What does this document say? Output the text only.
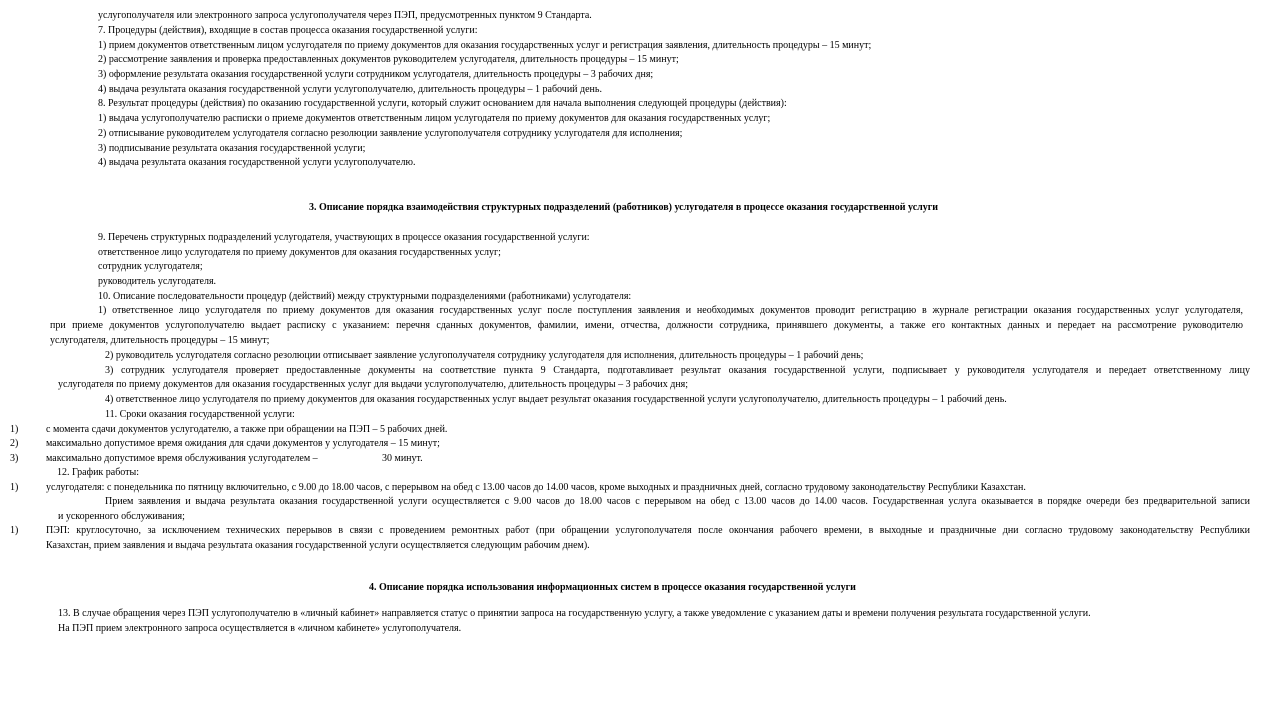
услугополучателя или электронного запроса услугополучателя через ПЭП, предусмотренных пунктом 9 Стандарта.
7. Процедуры (действия), входящие в состав процесса оказания государственной услуги:
1) прием документов ответственным лицом услугодателя по приему документов для оказания государственных услуг и регистрация заявления, длительность процедуры – 15 минут;
2) рассмотрение заявления и проверка предоставленных документов руководителем услугодателя, длительность процедуры – 15 минут;
3) оформление результата оказания государственной услуги сотрудником услугодателя, длительность процедуры – 3 рабочих дня;
4) выдача результата оказания государственной услуги услугополучателю, длительность процедуры – 1 рабочий день.
8. Результат процедуры (действия) по оказанию государственной услуги, который служит основанием для начала выполнения следующей процедуры (действия):
1) выдача услугополучателю расписки о приеме документов ответственным лицом услугодателя по приему документов для оказания государственных услуг;
2) отписывание руководителем услугодателя согласно резолюции заявление услугополучателя сотруднику услугодателя для исполнения;
3) подписывание результата оказания государственной услуги;
4) выдача результата оказания государственной услуги услугополучателю.
3. Описание порядка взаимодействия структурных подразделений (работников) услугодателя в процессе оказания государственной услуги
9. Перечень структурных подразделений услугодателя, участвующих в процессе оказания государственной услуги:
ответственное лицо услугодателя по приему документов для оказания государственных услуг;
сотрудник услугодателя;
руководитель услугодателя.
10. Описание последовательности процедур (действий) между структурными подразделениями (работниками) услугодателя:
1) ответственное лицо услугодателя по приему документов для оказания государственных услуг после поступления заявления и необходимых документов проводит регистрацию в журнале регистрации оказания государственных услуг услугодателя,
при приеме документов услугополучателю выдает расписку с указанием: перечня сданных документов, фамилии, имени, отчества, должности сотрудника, принявшего документы, а также его контактных данных и передает на рассмотрение руководителю
услугодателя, длительность процедуры – 15 минут;
2) руководитель услугодателя согласно резолюции отписывает заявление услугополучателя сотруднику услугодателя для исполнения, длительность процедуры – 1 рабочий день;
3) сотрудник услугодателя проверяет предоставленные документы на соответствие пункта 9 Стандарта, подготавливает результат оказания государственной услуги, подписывает у руководителя услугодателя и передает ответственному лицу
услугодателя по приему документов для оказания государственных услуг для выдачи услугополучателю, длительность процедуры – 3 рабочих дня;
4) ответственное лицо услугодателя по приему документов для оказания государственных услуг выдает результат оказания государственной услуги услугополучателю, длительность процедуры – 1 рабочий день.
11. Сроки оказания государственной услуги:
1)	с момента сдачи документов услугодателю, а также при обращении на ПЭП – 5 рабочих дней.
2)	максимально допустимое время ожидания для сдачи документов у услугодателя – 15 минут;
3)	максимально допустимое время обслуживания услугодателем –	30 минут.
12. График работы:
1)	услугодателя: с понедельника по пятницу включительно, с 9.00 до 18.00 часов, с перерывом на обед с 13.00 часов до 14.00 часов, кроме выходных и праздничных дней, согласно трудовому законодательству Республики Казахстан.
Прием заявления и выдача результата оказания государственной услуги осуществляется с 9.00 часов до 18.00 часов с перерывом на обед с 13.00 часов до 14.00 часов. Государственная услуга оказывается в порядке очереди без предварительной записи
и ускоренного обслуживания;
1)	ПЭП: круглосуточно, за исключением технических перерывов в связи с проведением ремонтных работ (при обращении услугополучателя после окончания рабочего времени, в выходные и праздничные дни согласно трудовому законодательству Республики
Казахстан, прием заявления и выдача результата оказания государственной услуги осуществляется следующим рабочим днем).
4. Описание порядка использования информационных систем в процессе оказания государственной услуги
13. В случае обращения через ПЭП услугополучателю в «личный кабинет» направляется статус о принятии запроса на государственную услугу, а также уведомление с указанием даты и времени получения результата государственной услуги.
На ПЭП прием электронного запроса осуществляется в «личном кабинете» услугополучателя.
